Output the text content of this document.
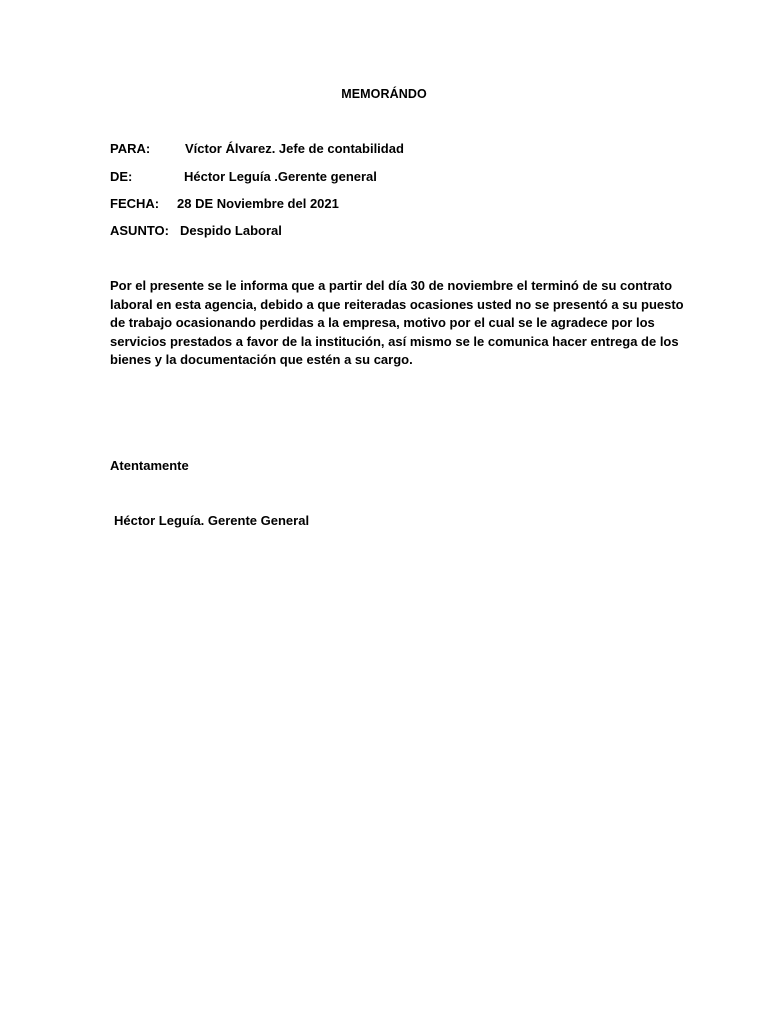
MEMORÁNDO
PARA:	Víctor Álvarez. Jefe de contabilidad
DE:	Héctor Leguía .Gerente general
FECHA: 28 DE Noviembre del 2021
ASUNTO: Despido Laboral
Por el presente se le informa que a partir del día 30 de noviembre el terminó de su contrato
laboral en esta agencia, debido a que reiteradas ocasiones usted no se presentó a su puesto
de trabajo ocasionando perdidas a la empresa, motivo por el cual se le agradece por los
servicios prestados a favor de la institución, así mismo se le comunica hacer entrega de los
bienes y la documentación que estén a su cargo.
Atentamente
Héctor Leguía. Gerente General
